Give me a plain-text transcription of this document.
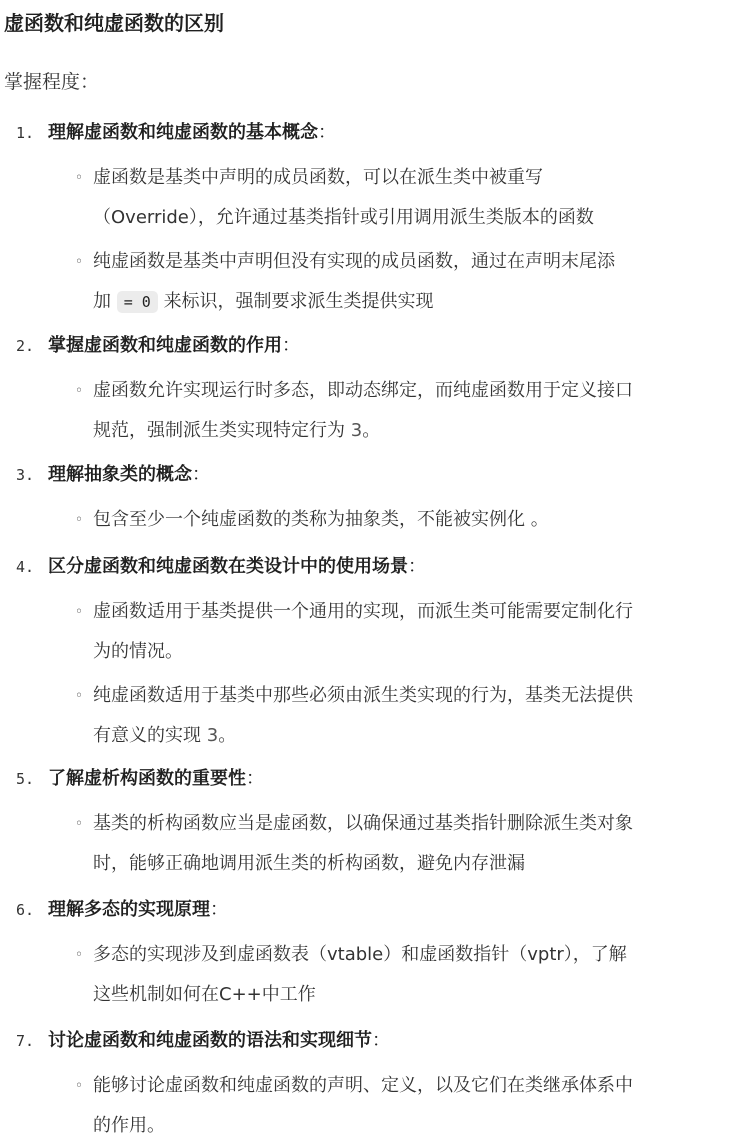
虚函数和纯虚函数的区别

掌握程度：

1. 理解虚函数和纯虚函数的基本概念：
◦ 虚函数是基类中声明的成员函数，可以在派生类中被重写
（Override），允许通过基类指针或引用调用派生类版本的函数
◦ 纯虚函数是基类中声明但没有实现的成员函数，通过在声明末尾添
加 = 0 来标识，强制要求派生类提供实现
2. 掌握虚函数和纯虚函数的作用：
◦ 虚函数允许实现运行时多态，即动态绑定，而纯虚函数用于定义接口
规范，强制派生类实现特定行为 3。
3. 理解抽象类的概念：
◦ 包含至少一个纯虚函数的类称为抽象类，不能被实例化 。
4. 区分虚函数和纯虚函数在类设计中的使用场景：
◦ 虚函数适用于基类提供一个通用的实现，而派生类可能需要定制化行
为的情况。
◦ 纯虚函数适用于基类中那些必须由派生类实现的行为，基类无法提供
有意义的实现 3。
5. 了解虚析构函数的重要性：
◦ 基类的析构函数应当是虚函数，以确保通过基类指针删除派生类对象
时，能够正确地调用派生类的析构函数，避免内存泄漏
6. 理解多态的实现原理：
◦ 多态的实现涉及到虚函数表（vtable）和虚函数指针（vptr），了解
这些机制如何在C++中工作
7. 讨论虚函数和纯虚函数的语法和实现细节：
◦ 能够讨论虚函数和纯虚函数的声明、定义，以及它们在类继承体系中
的作用。
